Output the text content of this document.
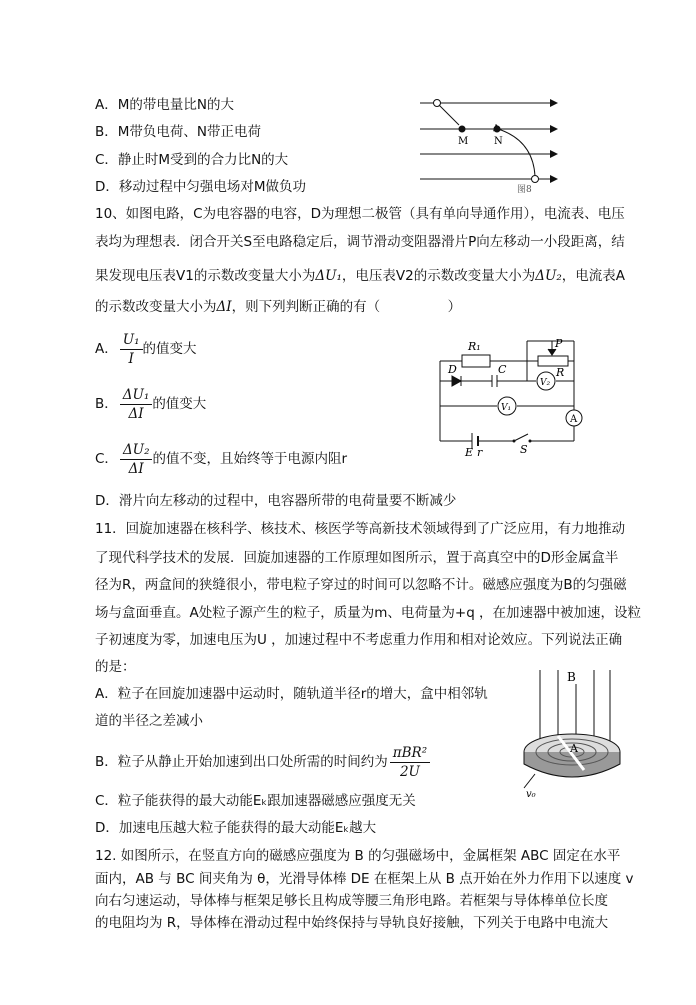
A．M的带电量比N的大
B．M带负电荷、N带正电荷
C．静止时M受到的合力比N的大
D．移动过程中匀强电场对M做负功
M	N
图8
10、如图电路，C为电容器的电容，D为理想二极管（具有单向导通作用），电流表、电压
表均为理想表．闭合开关S至电路稳定后，调节滑动变阻器滑片P向左移动一小段距离，结
果发现电压表V1的示数改变量大小为ΔU₁，电压表V2的示数改变量大小为ΔU₂，电流表A
的示数改变量大小为ΔI，则下列判断正确的有（　　　　　）
A． $\frac{\text{U₁}}{I}$ 的值变大
B． $\frac{\text{ΔU₁}}{\Delta I}$ 的值变大
C． $\frac{\text{ΔU₂}}{\Delta I}$ 的值不变，且始终等于电源内阻r
D．滑片向左移动的过程中，电容器所带的电荷量要不断减少
R₁	P
D	C	R
V₂
V₁
A
E r	S
11．回旋加速器在核科学、核技术、核医学等高新技术领域得到了广泛应用，有力地推动
了现代科学技术的发展．回旋加速器的工作原理如图所示，置于高真空中的D形金属盒半
径为R，两盒间的狭缝很小，带电粒子穿过的时间可以忽略不计。磁感应强度为B的匀强磁
场与盒面垂直。A处粒子源产生的粒子，质量为m、电荷量为+q ，在加速器中被加速，设粒
子初速度为零，加速电压为U ，加速过程中不考虑重力作用和相对论效应。下列说法正确
的是：
A．粒子在回旋加速器中运动时，随轨道半径r的增大，盒中相邻轨
道的半径之差减小
B．粒子从静止开始加速到出口处所需的时间约为 $\frac{\text{πBR²}}{2U}$
C．粒子能获得的最大动能Eₖ跟加速器磁感应强度无关
D．加速电压越大粒子能获得的最大动能Eₖ越大
B
A
v₀
12. 如图所示，在竖直方向的磁感应强度为 B 的匀强磁场中，金属框架 ABC 固定在水平
面内，AB 与 BC 间夹角为 θ，光滑导体棒 DE 在框架上从 B 点开始在外力作用下以速度 v
向右匀速运动，导体棒与框架足够长且构成等腰三角形电路。若框架与导体棒单位长度
的电阻均为 R，导体棒在滑动过程中始终保持与导轨良好接触，下列关于电路中电流大
